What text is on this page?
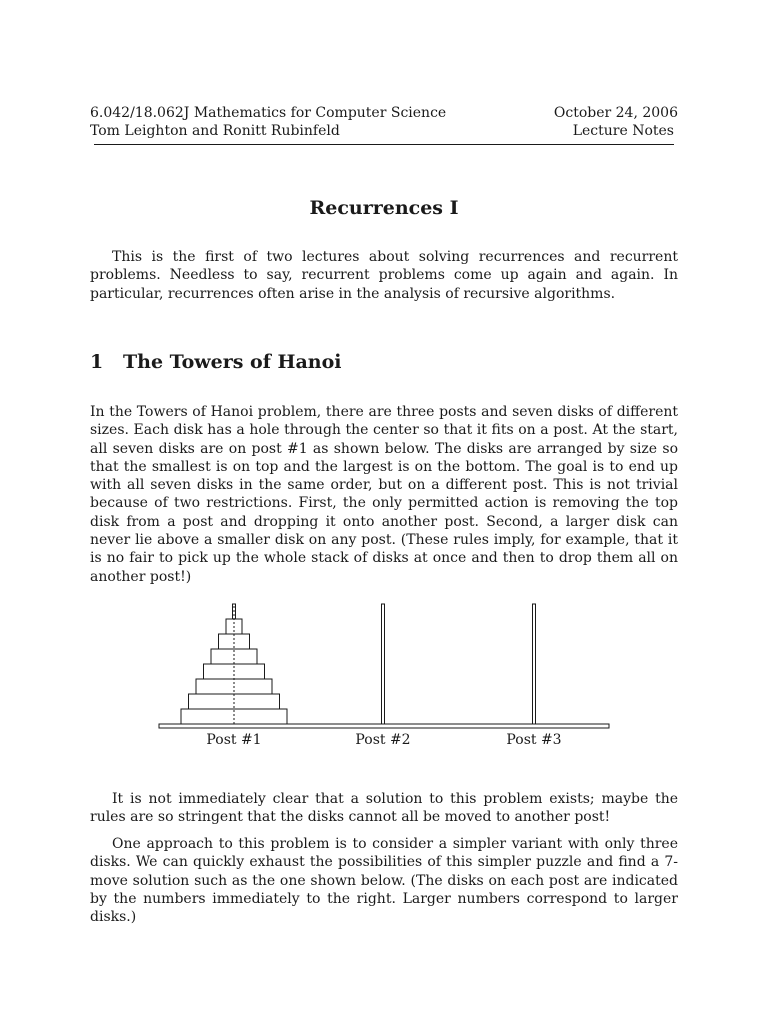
6.042/18.062J Mathematics for Computer Science	October 24, 2006
Tom Leighton and Ronitt Rubinfeld	Lecture Notes
Recurrences I

This is the first of two lectures about solving recurrences and recurrent problems. Needless to say, recurrent problems come up again and again. In particular, recurrences often arise in the analysis of recursive algorithms.

1 The Towers of Hanoi

In the Towers of Hanoi problem, there are three posts and seven disks of different sizes. Each disk has a hole through the center so that it fits on a post. At the start, all seven disks are on post #1 as shown below. The disks are arranged by size so that the smallest is on top and the largest is on the bottom. The goal is to end up with all seven disks in the same order, but on a different post. This is not trivial because of two restrictions. First, the only permitted action is removing the top disk from a post and dropping it onto another post. Second, a larger disk can never lie above a smaller disk on any post. (These rules imply, for example, that it is no fair to pick up the whole stack of disks at once and then to drop them all on another post!)

Post #1	Post #2	Post #3

It is not immediately clear that a solution to this problem exists; maybe the rules are so stringent that the disks cannot all be moved to another post!

One approach to this problem is to consider a simpler variant with only three disks. We can quickly exhaust the possibilities of this simpler puzzle and find a 7-move solution such as the one shown below. (The disks on each post are indicated by the numbers immediately to the right. Larger numbers correspond to larger disks.)
